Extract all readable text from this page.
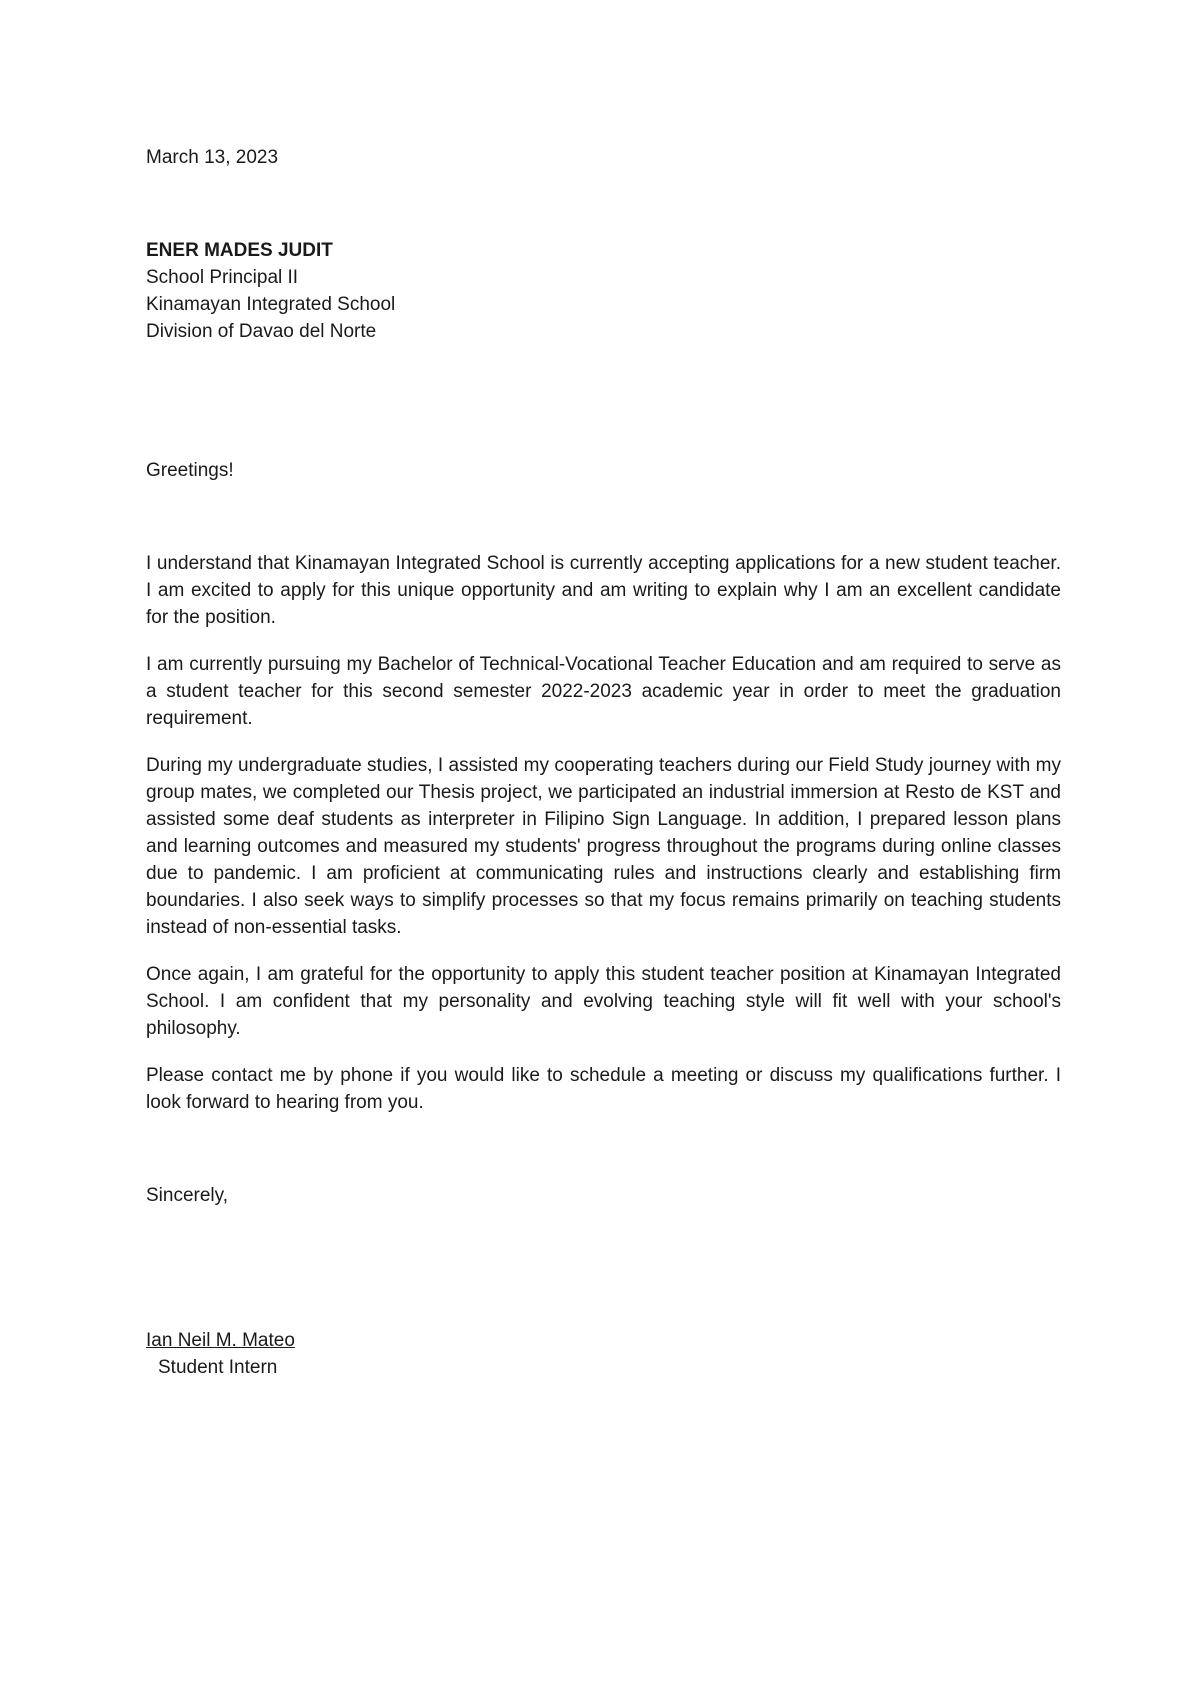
March 13, 2023

ENER MADES JUDIT
School Principal II
Kinamayan Integrated School
Division of Davao del Norte
Greetings!

I understand that Kinamayan Integrated School is currently accepting applications for a new student teacher. I am excited to apply for this unique opportunity and am writing to explain why I am an excellent candidate for the position.

I am currently pursuing my Bachelor of Technical-Vocational Teacher Education and am required to serve as a student teacher for this second semester 2022-2023 academic year in order to meet the graduation requirement.

During my undergraduate studies, I assisted my cooperating teachers during our Field Study journey with my group mates, we completed our Thesis project, we participated an industrial immersion at Resto de KST and assisted some deaf students as interpreter in Filipino Sign Language. In addition, I prepared lesson plans and learning outcomes and measured my students' progress throughout the programs during online classes due to pandemic. I am proficient at communicating rules and instructions clearly and establishing firm boundaries. I also seek ways to simplify processes so that my focus remains primarily on teaching students instead of non-essential tasks.

Once again, I am grateful for the opportunity to apply this student teacher position at Kinamayan Integrated School. I am confident that my personality and evolving teaching style will fit well with your school's philosophy.

Please contact me by phone if you would like to schedule a meeting or discuss my qualifications further. I look forward to hearing from you.

Sincerely,
Ian Neil M. Mateo
Student Intern
